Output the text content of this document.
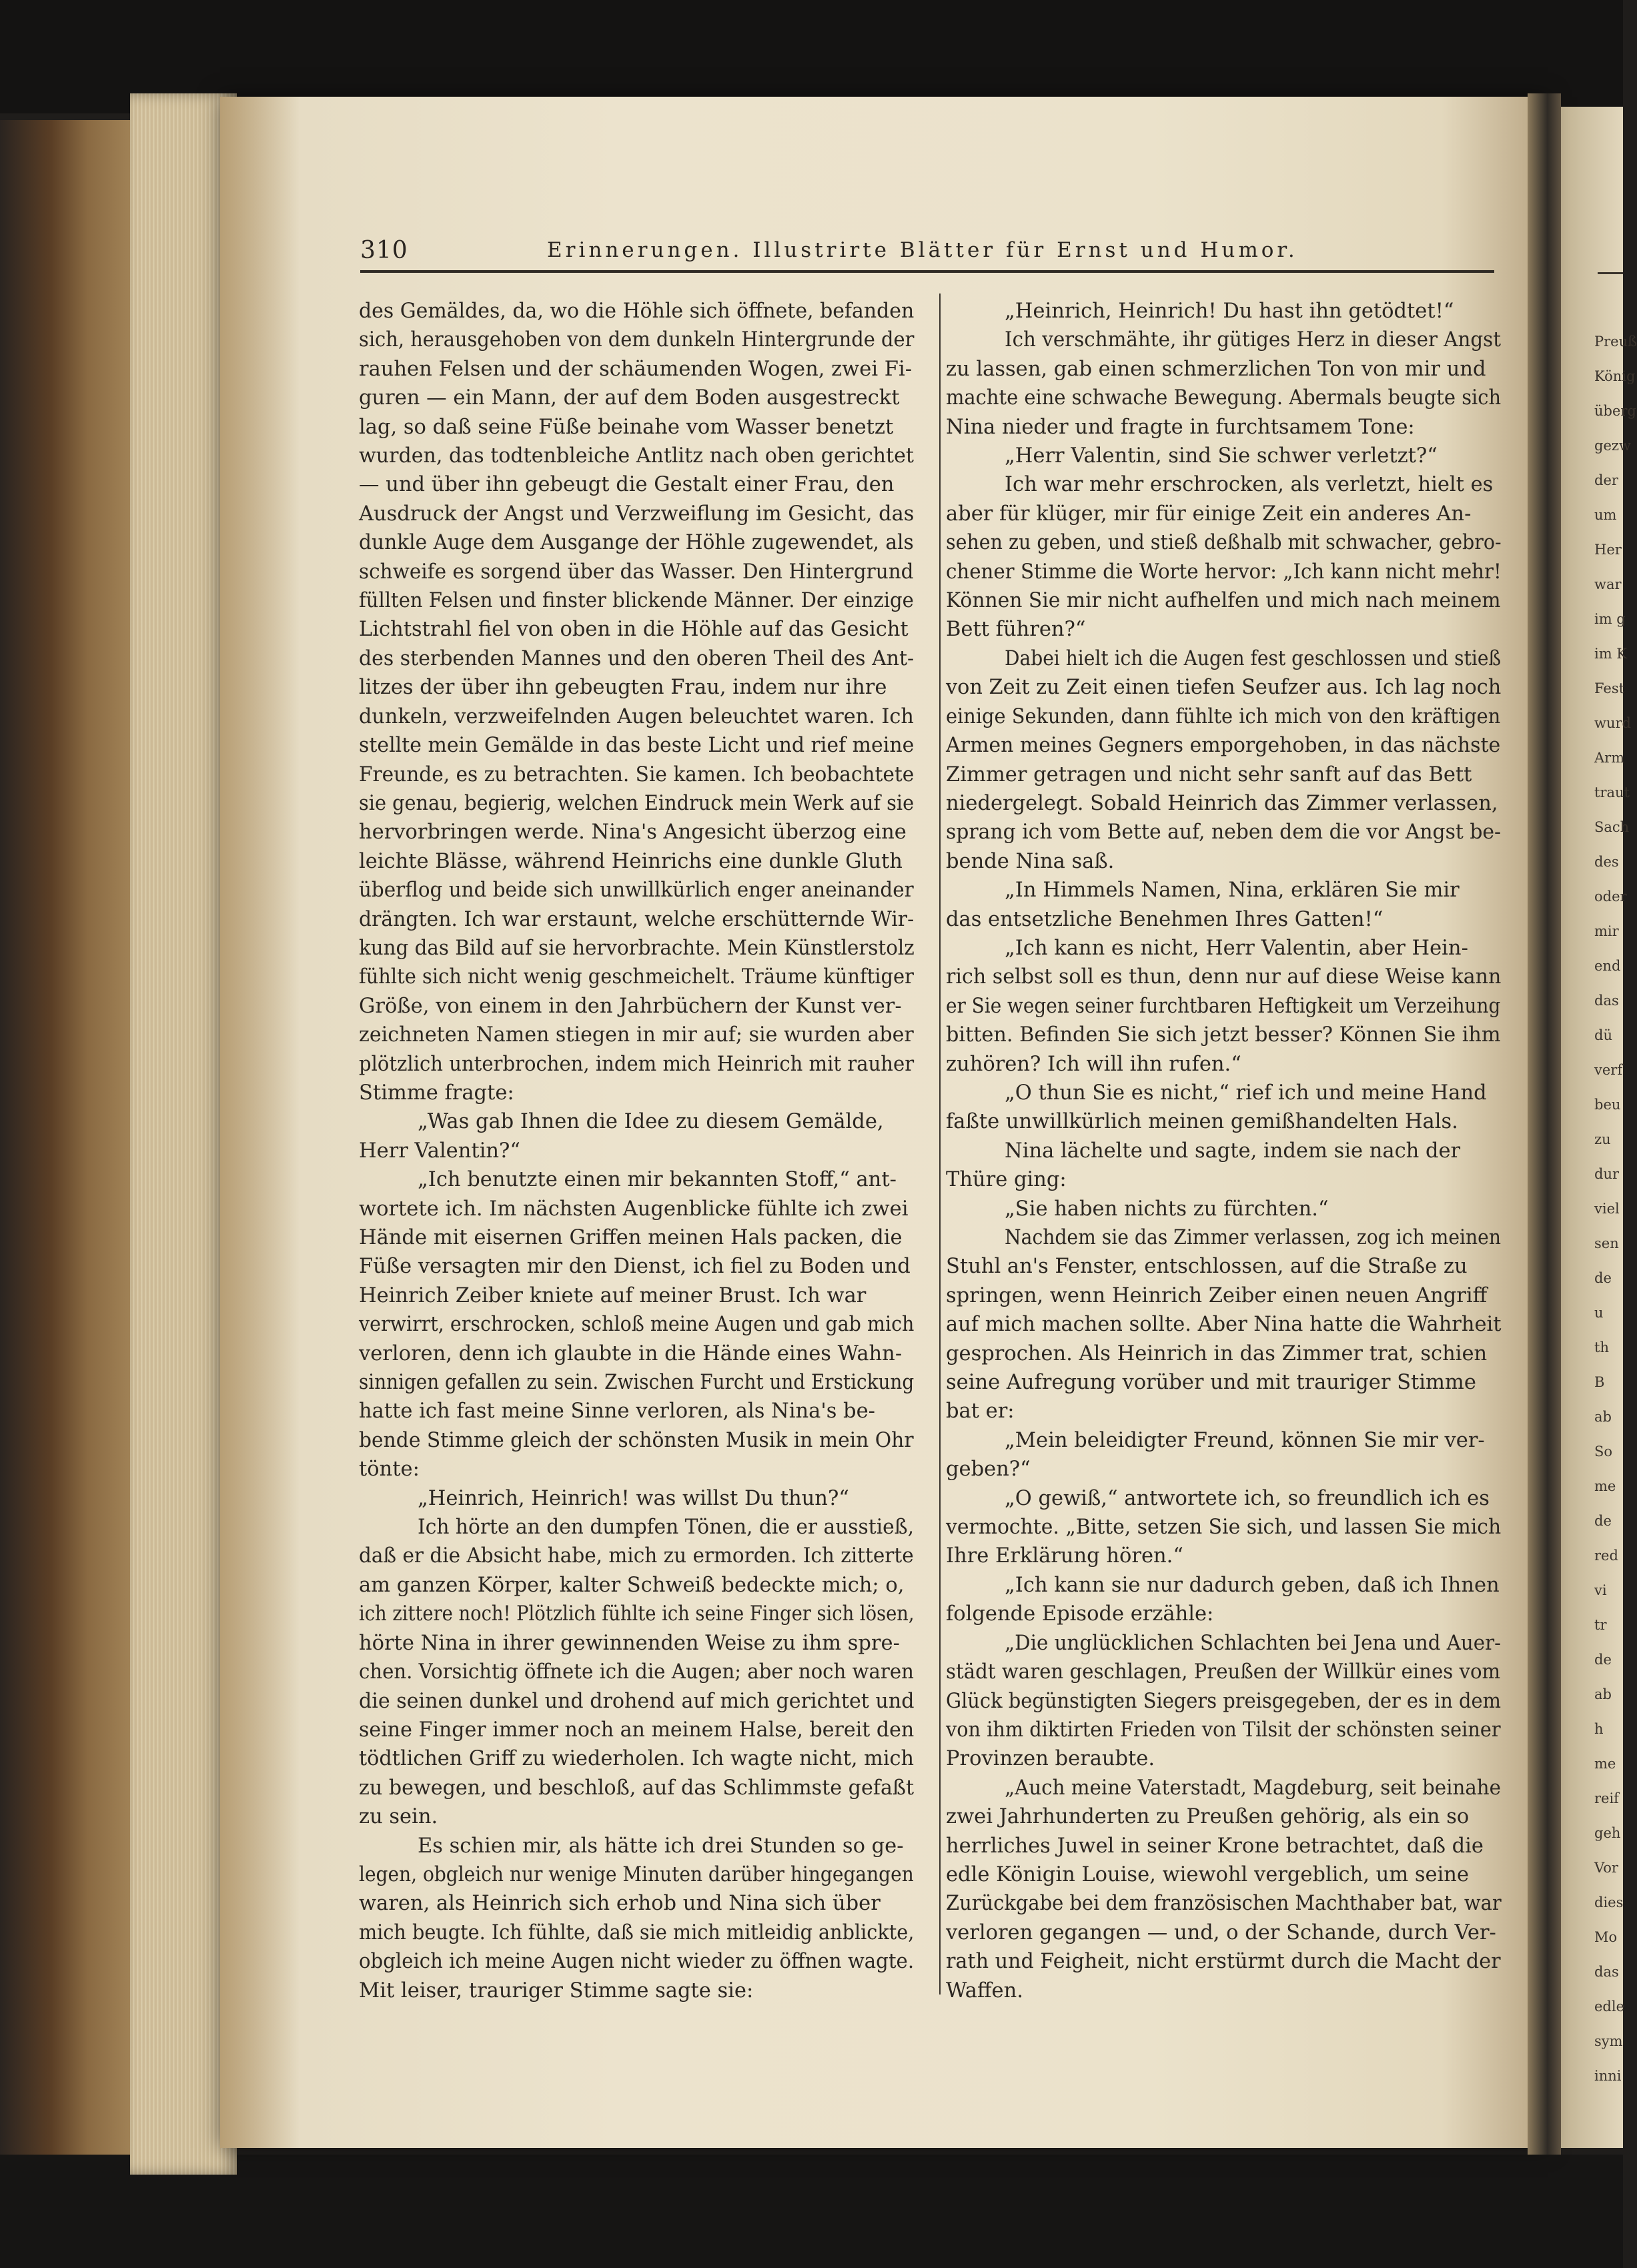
Preuß
König
überg
gezw
der
um
Her
war
im g
im K
Fest
wurd
Arm
traut
Sach
des
oder
mir
end
das
dü
verf
beu
zu
dur
viel
sen
de
u
th
B
ab
So
me
de
red
vi
tr
de
ab
h
me
reif
geh
Vor
dies
Mo
das
edle
sym
inni
310	Erinnerungen. Illustrirte Blätter für Ernst und Humor.
des Gemäldes, da, wo die Höhle sich öffnete, befanden
sich, herausgehoben von dem dunkeln Hintergrunde der
rauhen Felsen und der schäumenden Wogen, zwei Fi-
guren — ein Mann, der auf dem Boden ausgestreckt
lag, so daß seine Füße beinahe vom Wasser benetzt
wurden, das todtenbleiche Antlitz nach oben gerichtet
— und über ihn gebeugt die Gestalt einer Frau, den
Ausdruck der Angst und Verzweiflung im Gesicht, das
dunkle Auge dem Ausgange der Höhle zugewendet, als
schweife es sorgend über das Wasser. Den Hintergrund
füllten Felsen und finster blickende Männer. Der einzige
Lichtstrahl fiel von oben in die Höhle auf das Gesicht
des sterbenden Mannes und den oberen Theil des Ant-
litzes der über ihn gebeugten Frau, indem nur ihre
dunkeln, verzweifelnden Augen beleuchtet waren. Ich
stellte mein Gemälde in das beste Licht und rief meine
Freunde, es zu betrachten. Sie kamen. Ich beobachtete
sie genau, begierig, welchen Eindruck mein Werk auf sie
hervorbringen werde. Nina's Angesicht überzog eine
leichte Blässe, während Heinrichs eine dunkle Gluth
überflog und beide sich unwillkürlich enger aneinander
drängten. Ich war erstaunt, welche erschütternde Wir-
kung das Bild auf sie hervorbrachte. Mein Künstlerstolz
fühlte sich nicht wenig geschmeichelt. Träume künftiger
Größe, von einem in den Jahrbüchern der Kunst ver-
zeichneten Namen stiegen in mir auf; sie wurden aber
plötzlich unterbrochen, indem mich Heinrich mit rauher
Stimme fragte:
„Was gab Ihnen die Idee zu diesem Gemälde,
Herr Valentin?“
„Ich benutzte einen mir bekannten Stoff,“ ant-
wortete ich. Im nächsten Augenblicke fühlte ich zwei
Hände mit eisernen Griffen meinen Hals packen, die
Füße versagten mir den Dienst, ich fiel zu Boden und
Heinrich Zeiber kniete auf meiner Brust. Ich war
verwirrt, erschrocken, schloß meine Augen und gab mich
verloren, denn ich glaubte in die Hände eines Wahn-
sinnigen gefallen zu sein. Zwischen Furcht und Erstickung
hatte ich fast meine Sinne verloren, als Nina's be-
bende Stimme gleich der schönsten Musik in mein Ohr
tönte:
„Heinrich, Heinrich! was willst Du thun?“
Ich hörte an den dumpfen Tönen, die er ausstieß,
daß er die Absicht habe, mich zu ermorden. Ich zitterte
am ganzen Körper, kalter Schweiß bedeckte mich; o,
ich zittere noch! Plötzlich fühlte ich seine Finger sich lösen,
hörte Nina in ihrer gewinnenden Weise zu ihm spre-
chen. Vorsichtig öffnete ich die Augen; aber noch waren
die seinen dunkel und drohend auf mich gerichtet und
seine Finger immer noch an meinem Halse, bereit den
tödtlichen Griff zu wiederholen. Ich wagte nicht, mich
zu bewegen, und beschloß, auf das Schlimmste gefaßt
zu sein.
Es schien mir, als hätte ich drei Stunden so ge-
legen, obgleich nur wenige Minuten darüber hingegangen
waren, als Heinrich sich erhob und Nina sich über
mich beugte. Ich fühlte, daß sie mich mitleidig anblickte,
obgleich ich meine Augen nicht wieder zu öffnen wagte.
Mit leiser, trauriger Stimme sagte sie:
„Heinrich, Heinrich! Du hast ihn getödtet!“
Ich verschmähte, ihr gütiges Herz in dieser Angst
zu lassen, gab einen schmerzlichen Ton von mir und
machte eine schwache Bewegung. Abermals beugte sich
Nina nieder und fragte in furchtsamem Tone:
„Herr Valentin, sind Sie schwer verletzt?“
Ich war mehr erschrocken, als verletzt, hielt es
aber für klüger, mir für einige Zeit ein anderes An-
sehen zu geben, und stieß deßhalb mit schwacher, gebro-
chener Stimme die Worte hervor: „Ich kann nicht mehr!
Können Sie mir nicht aufhelfen und mich nach meinem
Bett führen?“
Dabei hielt ich die Augen fest geschlossen und stieß
von Zeit zu Zeit einen tiefen Seufzer aus. Ich lag noch
einige Sekunden, dann fühlte ich mich von den kräftigen
Armen meines Gegners emporgehoben, in das nächste
Zimmer getragen und nicht sehr sanft auf das Bett
niedergelegt. Sobald Heinrich das Zimmer verlassen,
sprang ich vom Bette auf, neben dem die vor Angst be-
bende Nina saß.
„In Himmels Namen, Nina, erklären Sie mir
das entsetzliche Benehmen Ihres Gatten!“
„Ich kann es nicht, Herr Valentin, aber Hein-
rich selbst soll es thun, denn nur auf diese Weise kann
er Sie wegen seiner furchtbaren Heftigkeit um Verzeihung
bitten. Befinden Sie sich jetzt besser? Können Sie ihm
zuhören? Ich will ihn rufen.“
„O thun Sie es nicht,“ rief ich und meine Hand
faßte unwillkürlich meinen gemißhandelten Hals.
Nina lächelte und sagte, indem sie nach der
Thüre ging:
„Sie haben nichts zu fürchten.“
Nachdem sie das Zimmer verlassen, zog ich meinen
Stuhl an's Fenster, entschlossen, auf die Straße zu
springen, wenn Heinrich Zeiber einen neuen Angriff
auf mich machen sollte. Aber Nina hatte die Wahrheit
gesprochen. Als Heinrich in das Zimmer trat, schien
seine Aufregung vorüber und mit trauriger Stimme
bat er:
„Mein beleidigter Freund, können Sie mir ver-
geben?“
„O gewiß,“ antwortete ich, so freundlich ich es
vermochte. „Bitte, setzen Sie sich, und lassen Sie mich
Ihre Erklärung hören.“
„Ich kann sie nur dadurch geben, daß ich Ihnen
folgende Episode erzähle:
„Die unglücklichen Schlachten bei Jena und Auer-
städt waren geschlagen, Preußen der Willkür eines vom
Glück begünstigten Siegers preisgegeben, der es in dem
von ihm diktirten Frieden von Tilsit der schönsten seiner
Provinzen beraubte.
„Auch meine Vaterstadt, Magdeburg, seit beinahe
zwei Jahrhunderten zu Preußen gehörig, als ein so
herrliches Juwel in seiner Krone betrachtet, daß die
edle Königin Louise, wiewohl vergeblich, um seine
Zurückgabe bei dem französischen Machthaber bat, war
verloren gegangen — und, o der Schande, durch Ver-
rath und Feigheit, nicht erstürmt durch die Macht der
Waffen.
